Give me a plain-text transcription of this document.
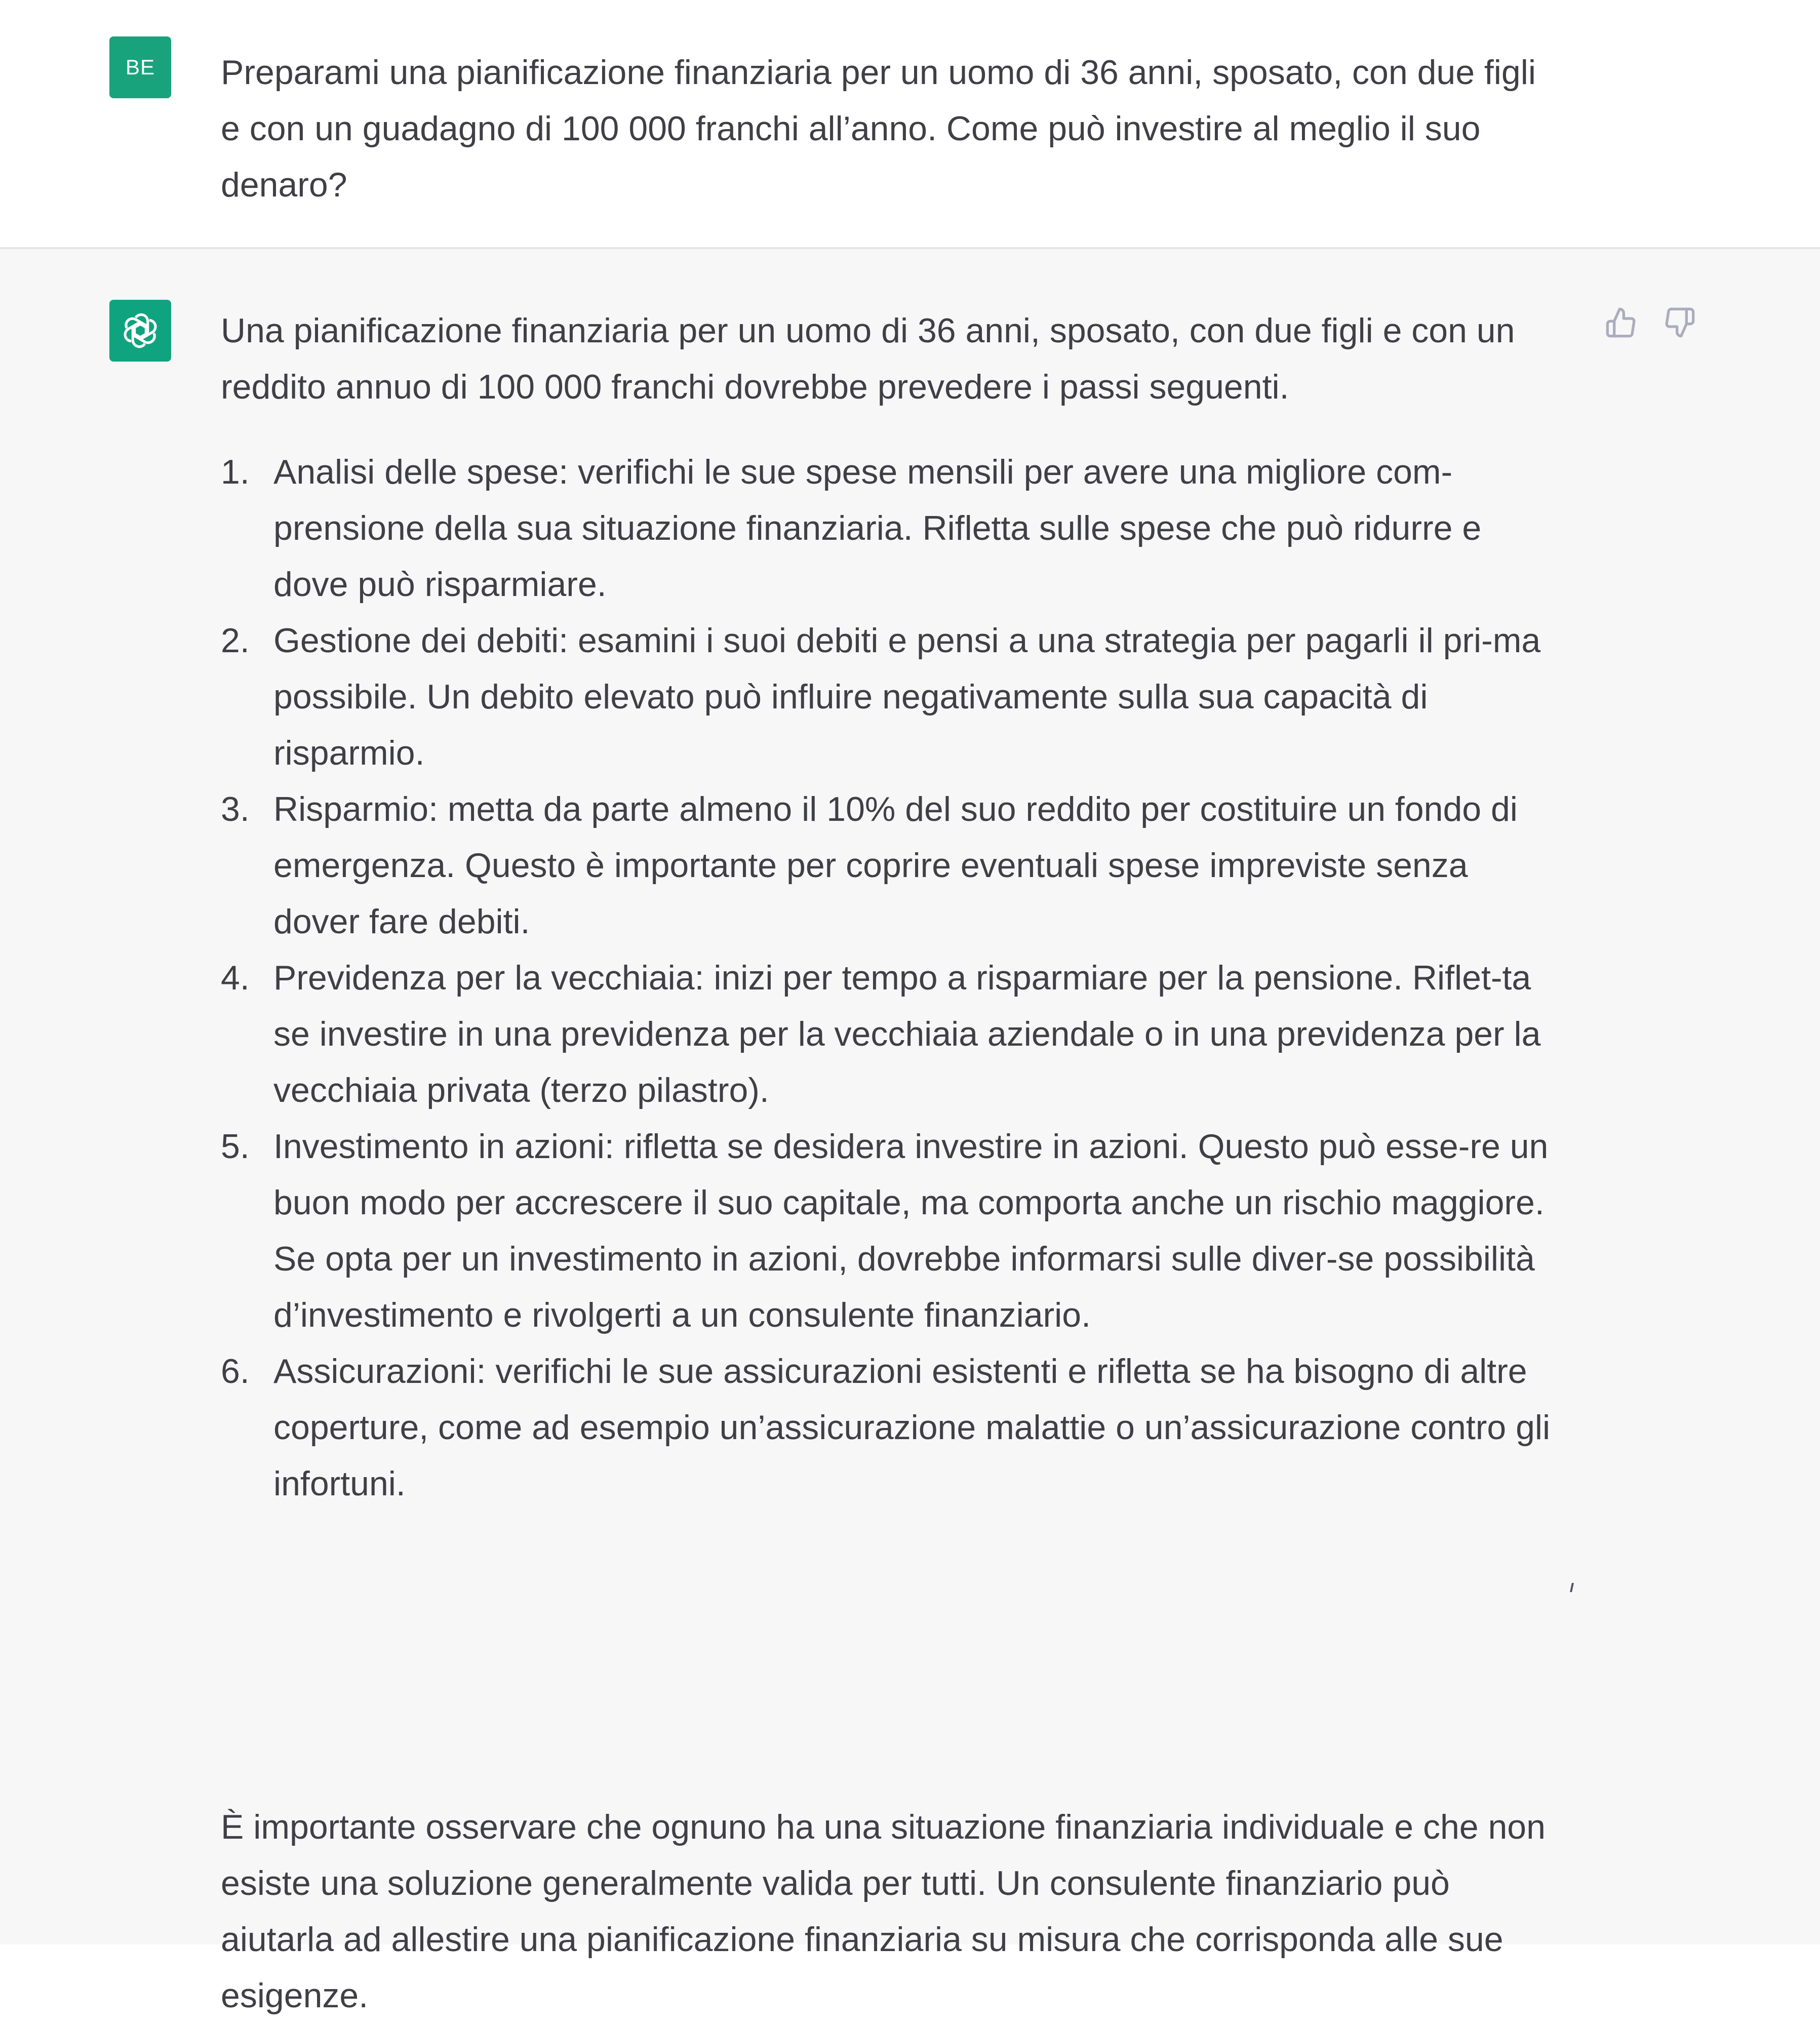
BE Preparami una pianificazione finanziaria per un uomo di 36 anni, sposato, con due figli e con un guadagno di 100 000 franchi all’anno. Come può investire al meglio il suo denaro?
Una pianificazione finanziaria per un uomo di 36 anni, sposato, con due figli e con un reddito annuo di 100 000 franchi dovrebbe prevedere i passi seguenti.
1. Analisi delle spese: verifichi le sue spese mensili per avere una migliore com-prensione della sua situazione finanziaria. Rifletta sulle spese che può ridurre e dove può risparmiare.
2. Gestione dei debiti: esamini i suoi debiti e pensi a una strategia per pagarli il pri-ma possibile. Un debito elevato può influire negativamente sulla sua capacità di risparmio.
3. Risparmio: metta da parte almeno il 10% del suo reddito per costituire un fondo di emergenza. Questo è importante per coprire eventuali spese impreviste senza dover fare debiti.
4. Previdenza per la vecchiaia: inizi per tempo a risparmiare per la pensione. Riflet-ta se investire in una previdenza per la vecchiaia aziendale o in una previdenza per la vecchiaia privata (terzo pilastro).
5. Investimento in azioni: rifletta se desidera investire in azioni. Questo può esse-re un buon modo per accrescere il suo capitale, ma comporta anche un rischio maggiore. Se opta per un investimento in azioni, dovrebbe informarsi sulle diver-se possibilità d’investimento e rivolgerti a un consulente finanziario.
6. Assicurazioni: verifichi le sue assicurazioni esistenti e rifletta se ha bisogno di altre coperture, come ad esempio un’assicurazione malattie o un’assicurazione contro gli infortuni.
È importante osservare che ognuno ha una situazione finanziaria individuale e che non esiste una soluzione generalmente valida per tutti. Un consulente finanziario può aiutarla ad allestire una pianificazione finanziaria su misura che corrisponda alle sue esigenze.
